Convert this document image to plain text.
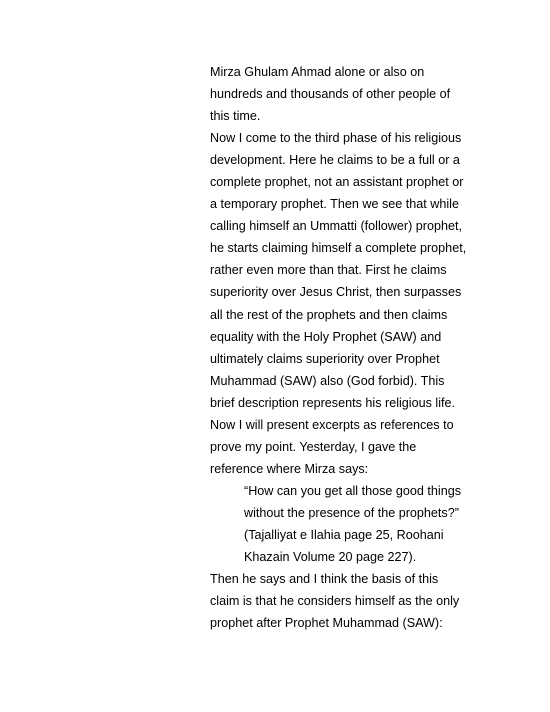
Mirza Ghulam Ahmad alone or also on
hundreds and thousands of other people of
this time.

Now I come to the third phase of his religious
development. Here he claims to be a full or a
complete prophet, not an assistant prophet or
a temporary prophet. Then we see that while
calling himself an Ummatti (follower) prophet,
he starts claiming himself a complete prophet,
rather even more than that. First he claims
superiority over Jesus Christ, then surpasses
all the rest of the prophets and then claims
equality with the Holy Prophet (SAW) and
ultimately claims superiority over Prophet
Muhammad (SAW) also (God forbid). This
brief description represents his religious life.
Now I will present excerpts as references to
prove my point. Yesterday, I gave the
reference where Mirza says:

“How can you get all those good things
without the presence of the prophets?”
(Tajalliyat e Ilahia page 25, Roohani
Khazain Volume 20 page 227).

Then he says and I think the basis of this
claim is that he considers himself as the only
prophet after Prophet Muhammad (SAW):
